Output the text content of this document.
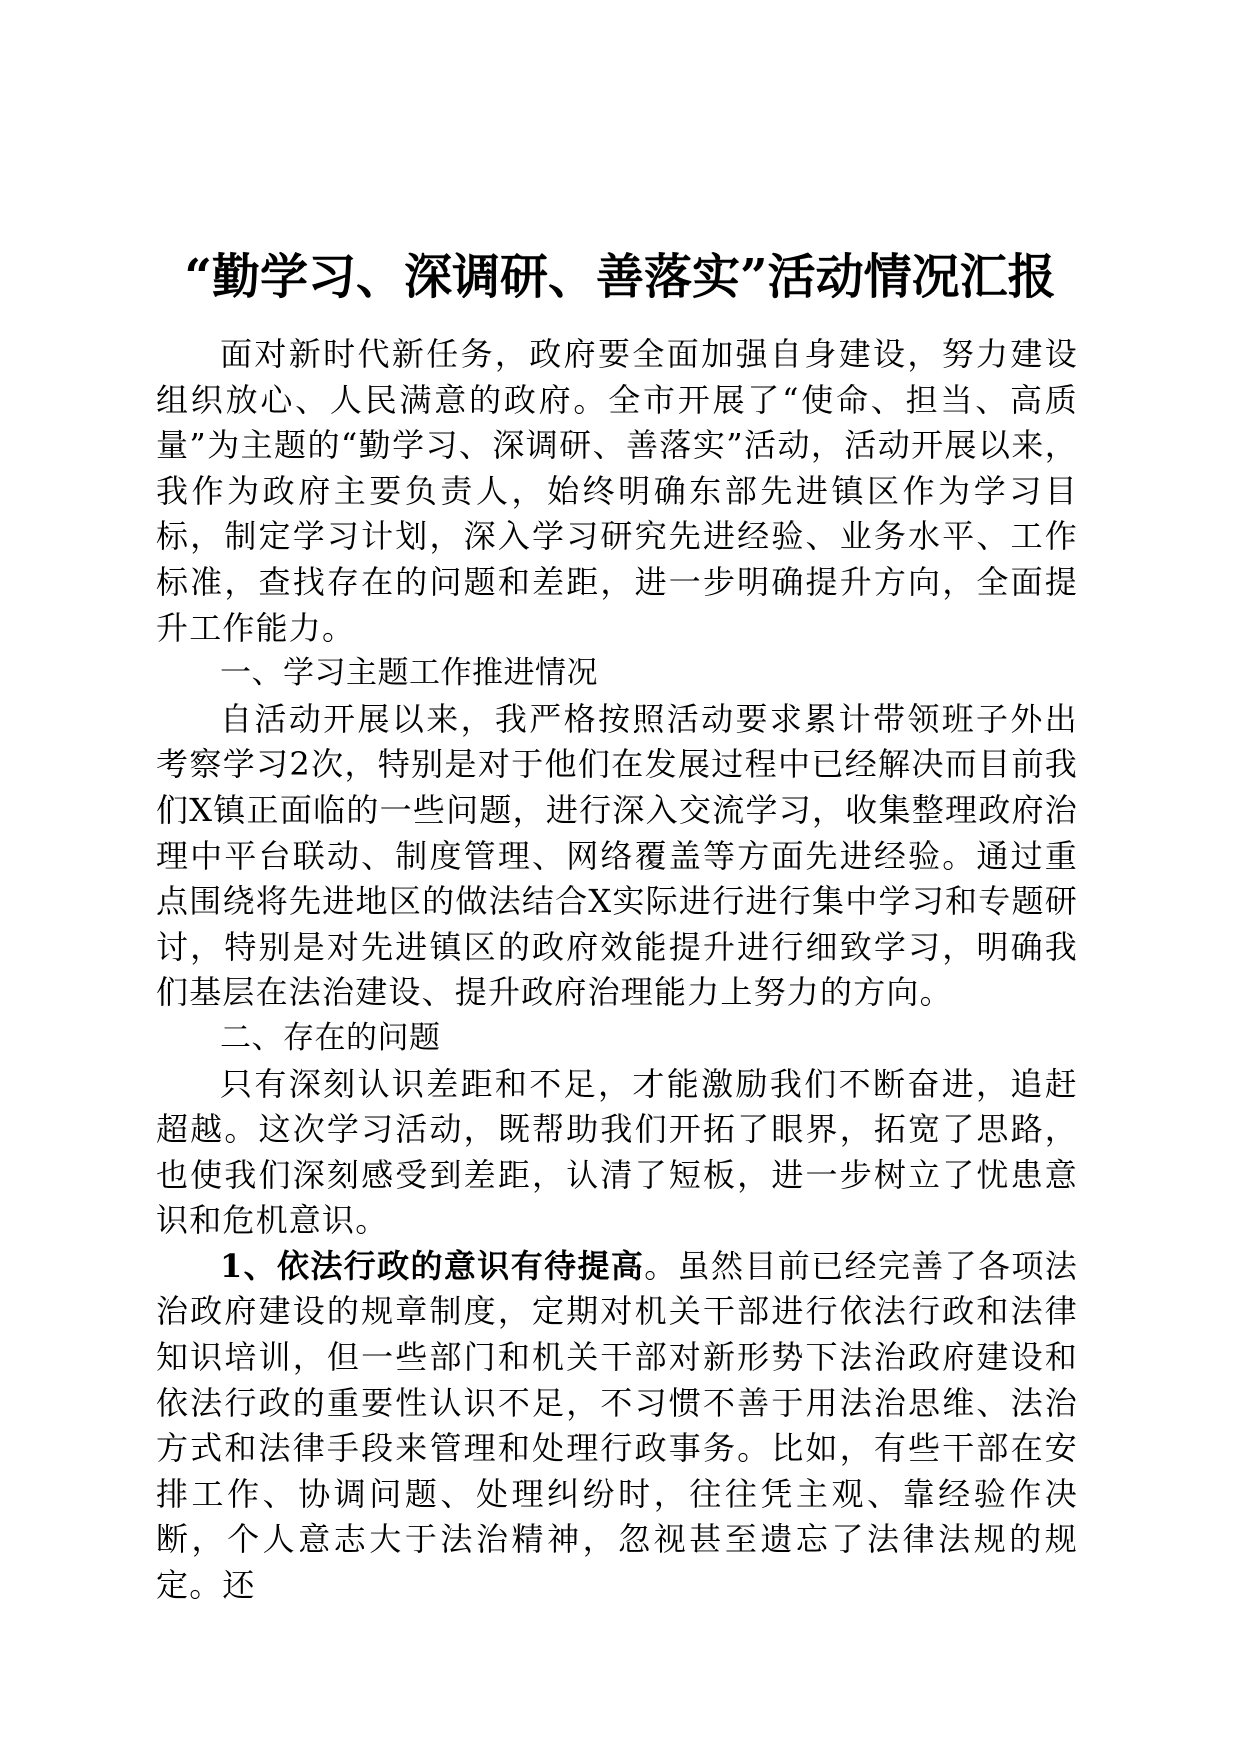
“勤学习、深调研、善落实”活动情况汇报

面对新时代新任务，政府要全面加强自身建设，努力建设组织放心、人民满意的政府。全市开展了“使命、担当、高质量”为主题的“勤学习、深调研、善落实”活动，活动开展以来，我作为政府主要负责人，始终明确东部先进镇区作为学习目标，制定学习计划，深入学习研究先进经验、业务水平、工作标准，查找存在的问题和差距，进一步明确提升方向，全面提升工作能力。

一、学习主题工作推进情况

自活动开展以来，我严格按照活动要求累计带领班子外出考察学习2次，特别是对于他们在发展过程中已经解决而目前我们X镇正面临的一些问题，进行深入交流学习，收集整理政府治理中平台联动、制度管理、网络覆盖等方面先进经验。通过重点围绕将先进地区的做法结合X实际进行进行集中学习和专题研讨，特别是对先进镇区的政府效能提升进行细致学习，明确我们基层在法治建设、提升政府治理能力上努力的方向。

二、存在的问题

只有深刻认识差距和不足，才能激励我们不断奋进，追赶超越。这次学习活动，既帮助我们开拓了眼界，拓宽了思路，也使我们深刻感受到差距，认清了短板，进一步树立了忧患意识和危机意识。

1、依法行政的意识有待提高。虽然目前已经完善了各项法治政府建设的规章制度，定期对机关干部进行依法行政和法律知识培训，但一些部门和机关干部对新形势下法治政府建设和依法行政的重要性认识不足，不习惯不善于用法治思维、法治方式和法律手段来管理和处理行政事务。比如，有些干部在安排工作、协调问题、处理纠纷时，往往凭主观、靠经验作决断，个人意志大于法治精神，忽视甚至遗忘了法律法规的规定。还
